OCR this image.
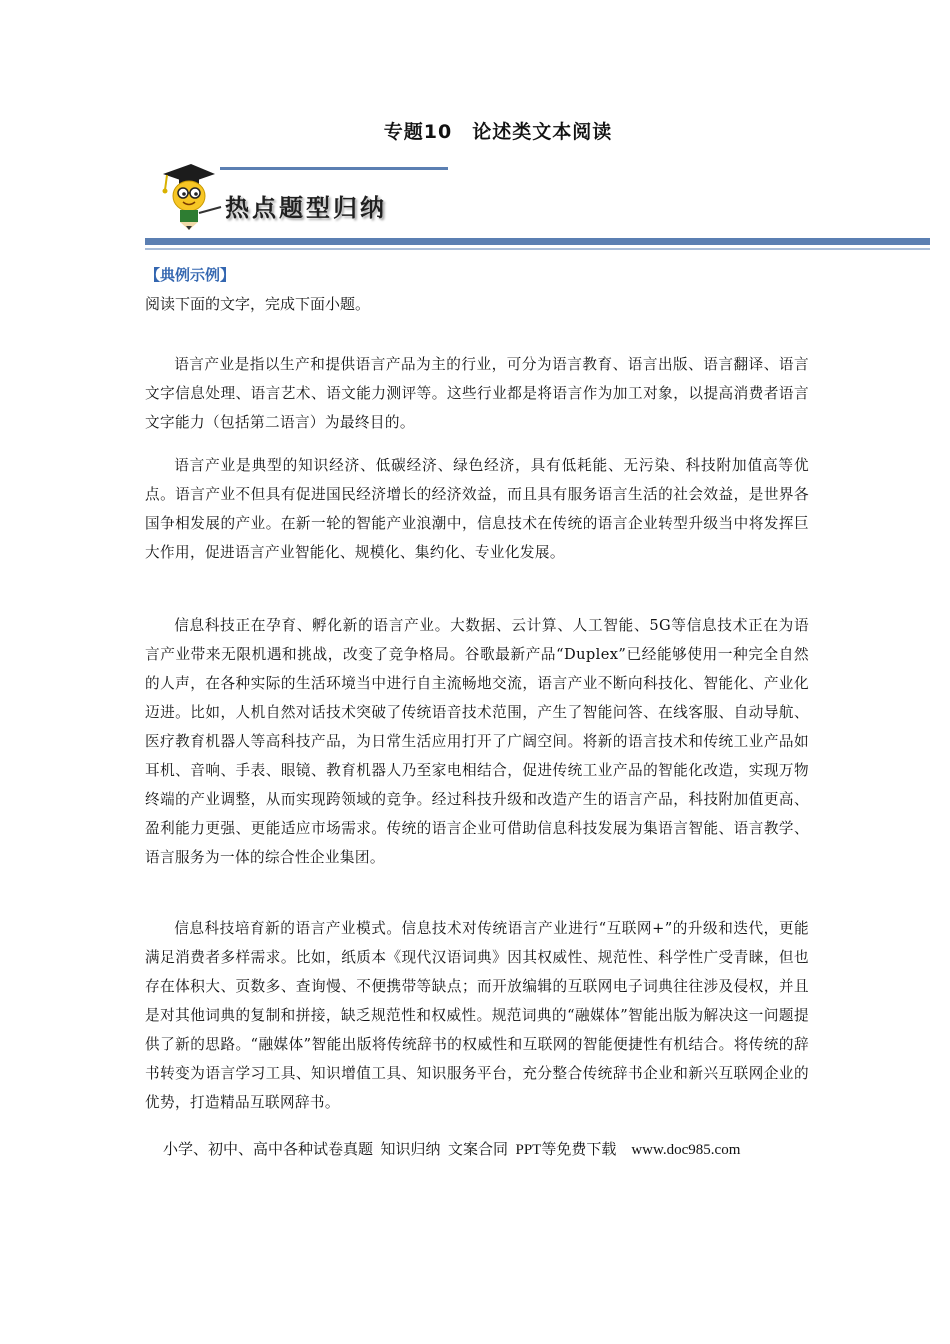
专题10　论述类文本阅读
热点题型归纳
【典例示例】
阅读下面的文字，完成下面小题。

语言产业是指以生产和提供语言产品为主的行业，可分为语言教育、语言出版、语言翻译、语言文字信息处理、语言艺术、语文能力测评等。这些行业都是将语言作为加工对象，以提高消费者语言文字能力（包括第二语言）为最终目的。

语言产业是典型的知识经济、低碳经济、绿色经济，具有低耗能、无污染、科技附加值高等优点。语言产业不但具有促进国民经济增长的经济效益，而且具有服务语言生活的社会效益，是世界各国争相发展的产业。在新一轮的智能产业浪潮中，信息技术在传统的语言企业转型升级当中将发挥巨大作用，促进语言产业智能化、规模化、集约化、专业化发展。

信息科技正在孕育、孵化新的语言产业。大数据、云计算、人工智能、5G等信息技术正在为语言产业带来无限机遇和挑战，改变了竞争格局。谷歌最新产品“Duplex”已经能够使用一种完全自然的人声，在各种实际的生活环境当中进行自主流畅地交流，语言产业不断向科技化、智能化、产业化迈进。比如，人机自然对话技术突破了传统语音技术范围，产生了智能问答、在线客服、自动导航、医疗教育机器人等高科技产品，为日常生活应用打开了广阔空间。将新的语言技术和传统工业产品如耳机、音响、手表、眼镜、教育机器人乃至家电相结合，促进传统工业产品的智能化改造，实现万物终端的产业调整，从而实现跨领域的竞争。经过科技升级和改造产生的语言产品，科技附加值更高、盈利能力更强、更能适应市场需求。传统的语言企业可借助信息科技发展为集语言智能、语言教学、语言服务为一体的综合性企业集团。

信息科技培育新的语言产业模式。信息技术对传统语言产业进行“互联网+”的升级和迭代，更能满足消费者多样需求。比如，纸质本《现代汉语词典》因其权威性、规范性、科学性广受青睐，但也存在体积大、页数多、查询慢、不便携带等缺点；而开放编辑的互联网电子词典往往涉及侵权，并且是对其他词典的复制和拼接，缺乏规范性和权威性。规范词典的“融媒体”智能出版为解决这一问题提供了新的思路。“融媒体”智能出版将传统辞书的权威性和互联网的智能便捷性有机结合。将传统的辞书转变为语言学习工具、知识增值工具、知识服务平台，充分整合传统辞书企业和新兴互联网企业的优势，打造精品互联网辞书。

小学、初中、高中各种试卷真题  知识归纳  文案合同  PPT等免费下载    www.doc985.com
